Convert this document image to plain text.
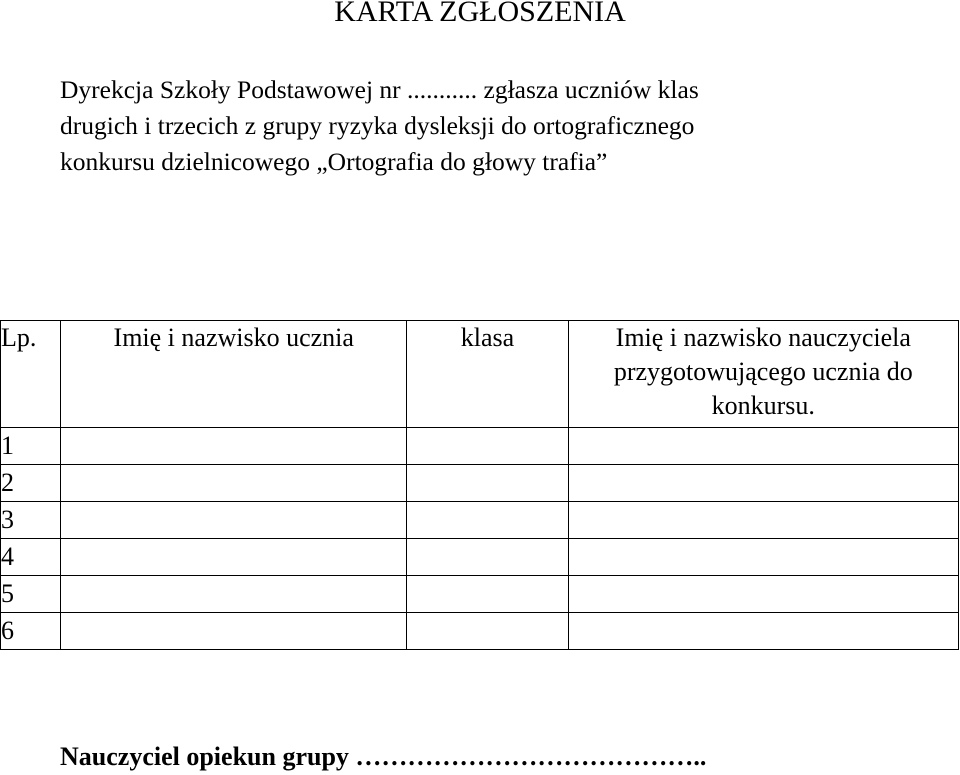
KARTA ZGŁOSZENIA
Dyrekcja Szkoły Podstawowej nr ........... zgłasza uczniów klas
drugich i trzecich z grupy ryzyka dysleksji do ortograficznego
konkursu dzielnicowego „Ortografia do głowy trafia”
Lp.	Imię i nazwisko ucznia	klasa	Imię i nazwisko nauczyciela przygotowującego ucznia do konkursu.
1			
2			
3			
4			
5			
6			
Nauczyciel opiekun grupy …………………………………..
